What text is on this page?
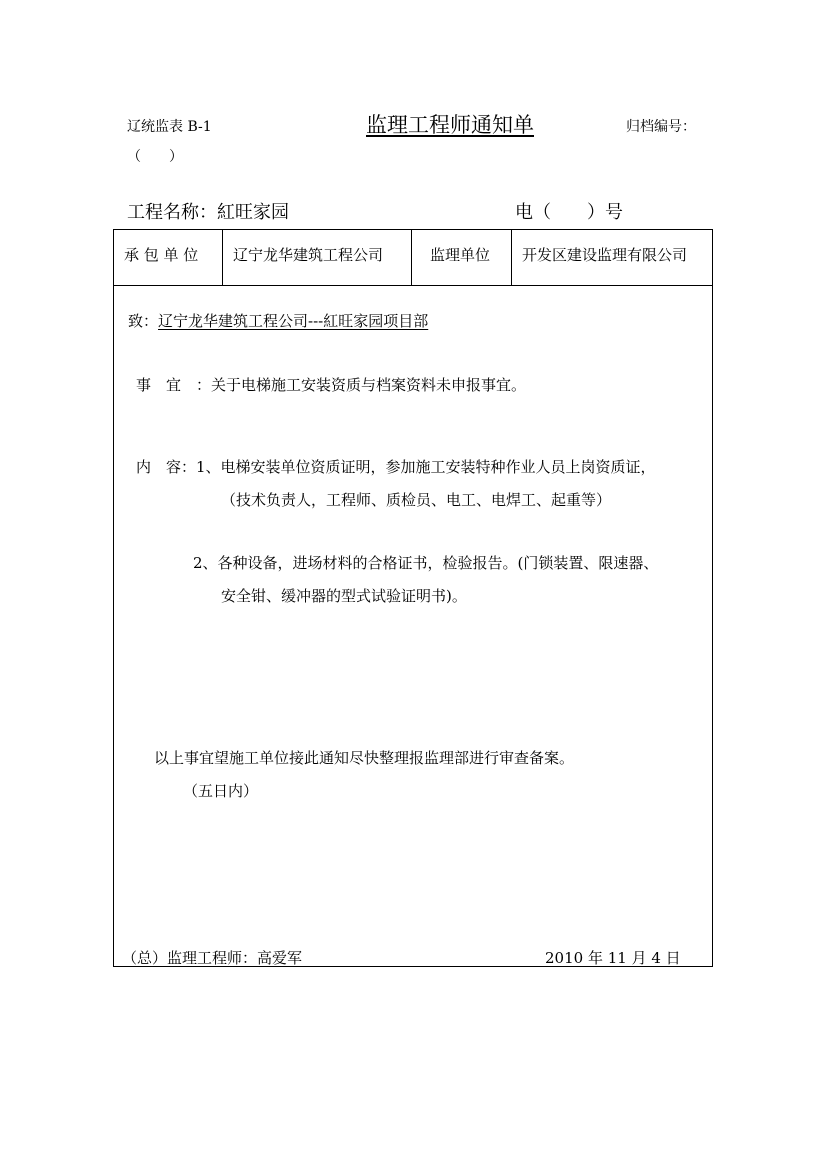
辽统监表 B-1	监理工程师通知单	归档编号：
（　　）
工程名称：紅旺家园	电（　　）号
承 包 单 位 辽宁龙华建筑工程公司	监理单位 开发区建设监理有限公司
致：辽宁龙华建筑工程公司---紅旺家园项目部
事　宜　：关于电梯施工安装资质与档案资料未申报事宜。
内　容：1、电梯安装单位资质证明，参加施工安装特种作业人员上岗资质证，
（技术负责人，工程师、质检员、电工、电焊工、起重等）
2、各种设备，进场材料的合格证书，检验报告。(门锁装置、限速器、
安全钳、缓冲器的型式试验证明书)。
以上事宜望施工单位接此通知尽快整理报监理部进行审查备案。
（五日内）
（总）监理工程师：高爱军	2010 年 11 月 4 日
